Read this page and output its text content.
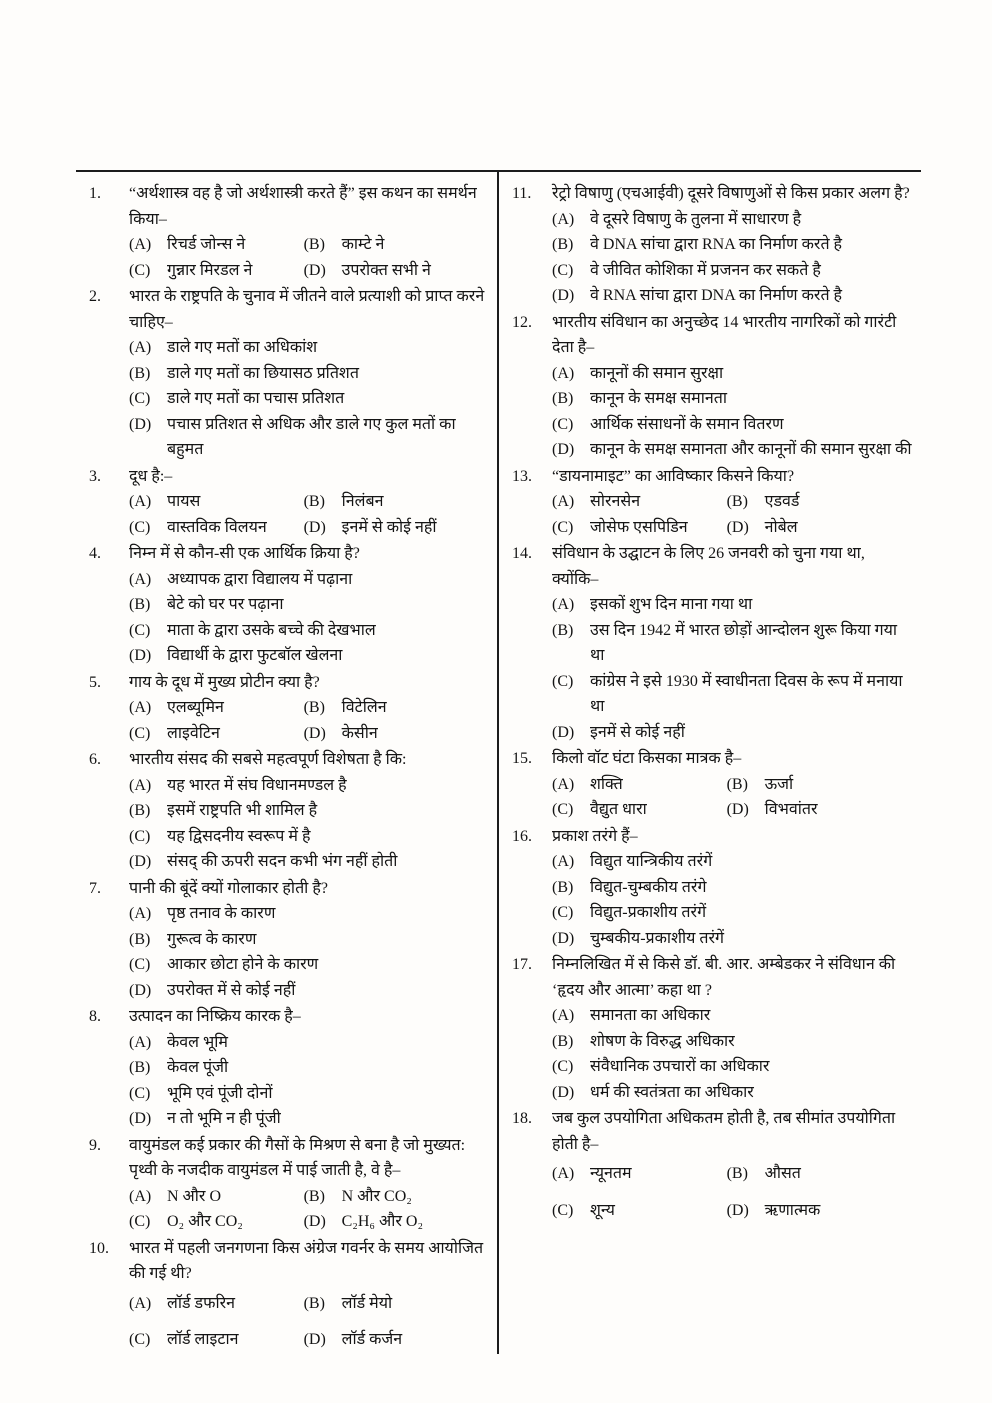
1.	“अर्थशास्त्र वह है जो अर्थशास्त्री करते हैं” इस कथन का समर्थन किया–
(A) रिचर्ड जोन्स ने	(B)	काम्टे ने
(C)	गुन्नार मिरडल ने	(D) उपरोक्त सभी ने
2.	भारत के राष्ट्रपति के चुनाव में जीतने वाले प्रत्याशी को प्राप्त करने चाहिए–
(A) डाले गए मतों का अधिकांश
(B)	डाले गए मतों का छियासठ प्रतिशत
(C)	डाले गए मतों का पचास प्रतिशत
(D) पचास प्रतिशत से अधिक और डाले गए कुल मतों का बहुमत
3.	दूध है:–
(A) पायस	(B)	निलंबन
(C)	वास्तविक विलयन	(D) इनमें से कोई नहीं
4.	निम्न में से कौन-सी एक आर्थिक क्रिया है?
(A) अध्यापक द्वारा विद्यालय में पढ़ाना
(B)	बेटे को घर पर पढ़ाना
(C)	माता के द्वारा उसके बच्चे की देखभाल
(D) विद्यार्थी के द्वारा फुटबॉल खेलना
5.	गाय के दूध में मुख्य प्रोटीन क्या है?
(A) एलब्यूमिन	(B)	विटेलिन
(C)	लाइवेटिन	(D) केसीन
6.	भारतीय संसद की सबसे महत्वपूर्ण विशेषता है कि:
(A) यह भारत में संघ विधानमण्डल है
(B)	इसमें राष्ट्रपति भी शामिल है
(C)	यह द्विसदनीय स्वरूप में है
(D) संसद् की ऊपरी सदन कभी भंग नहीं होती
7.	पानी की बूंदें क्यों गोलाकार होती है?
(A) पृष्ठ तनाव के कारण
(B)	गुरूत्व के कारण
(C)	आकार छोटा होने के कारण
(D) उपरोक्त में से कोई नहीं
8.	उत्पादन का निष्क्रिय कारक है–
(A) केवल भूमि
(B)	केवल पूंजी
(C)	भूमि एवं पूंजी दोनों
(D) न तो भूमि न ही पूंजी
9.	वायुमंडल कई प्रकार की गैसों के मिश्रण से बना है जो मुख्यत: पृथ्वी के नजदीक वायुमंडल में पाई जाती है, वे है–
(A) N और O	(B)	N और CO₂
(C)	O₂ और CO₂	(D) C₂H₆ और O₂
10.	भारत में पहली जनगणना किस अंग्रेज गवर्नर के समय आयोजित की गई थी?
(A) लॉर्ड डफरिन	(B)	लॉर्ड मेयो
(C)	लॉर्ड लाइटान	(D) लॉर्ड कर्जन
11.	रेट्रो विषाणु (एचआईवी) दूसरे विषाणुओं से किस प्रकार अलग है?
(A) वे दूसरे विषाणु के तुलना में साधारण है
(B)	वे DNA सांचा द्वारा RNA का निर्माण करते है
(C)	वे जीवित कोशिका में प्रजनन कर सकते है
(D) वे RNA सांचा द्वारा DNA का निर्माण करते है
12.	भारतीय संविधान का अनुच्छेद 14 भारतीय नागरिकों को गारंटी देता है–
(A) कानूनों की समान सुरक्षा
(B)	कानून के समक्ष समानता
(C)	आर्थिक संसाधनों के समान वितरण
(D) कानून के समक्ष समानता और कानूनों की समान सुरक्षा की
13.	“डायनामाइट” का आविष्कार किसने किया?
(A) सोरनसेन	(B)	एडवर्ड
(C)	जोसेफ एसपिडिन	(D) नोबेल
14.	संविधान के उद्घाटन के लिए 26 जनवरी को चुना गया था, क्योंकि–
(A) इसकों शुभ दिन माना गया था
(B)	उस दिन 1942 में भारत छोड़ों आन्दोलन शुरू किया गया था
(C)	कांग्रेस ने इसे 1930 में स्वाधीनता दिवस के रूप में मनाया था
(D) इनमें से कोई नहीं
15.	किलो वॉट घंटा किसका मात्रक है–
(A) शक्ति	(B)	ऊर्जा
(C)	वैद्युत धारा	(D) विभवांतर
16.	प्रकाश तरंगे हैं–
(A) विद्युत यान्त्रिकीय तरंगें
(B)	विद्युत-चुम्बकीय तरंगे
(C)	विद्युत-प्रकाशीय तरंगें
(D) चुम्बकीय-प्रकाशीय तरंगें
17.	निम्नलिखित में से किसे डॉ. बी. आर. अम्बेडकर ने संविधान की ‘हृदय और आत्मा’ कहा था ?
(A) समानता का अधिकार
(B)	शोषण के विरुद्ध अधिकार
(C)	संवैधानिक उपचारों का अधिकार
(D) धर्म की स्वतंत्रता का अधिकार
18.	जब कुल उपयोगिता अधिकतम होती है, तब सीमांत उपयोगिता होती है–
(A) न्यूनतम	(B)	औसत
(C)	शून्य	(D) ऋणात्मक
